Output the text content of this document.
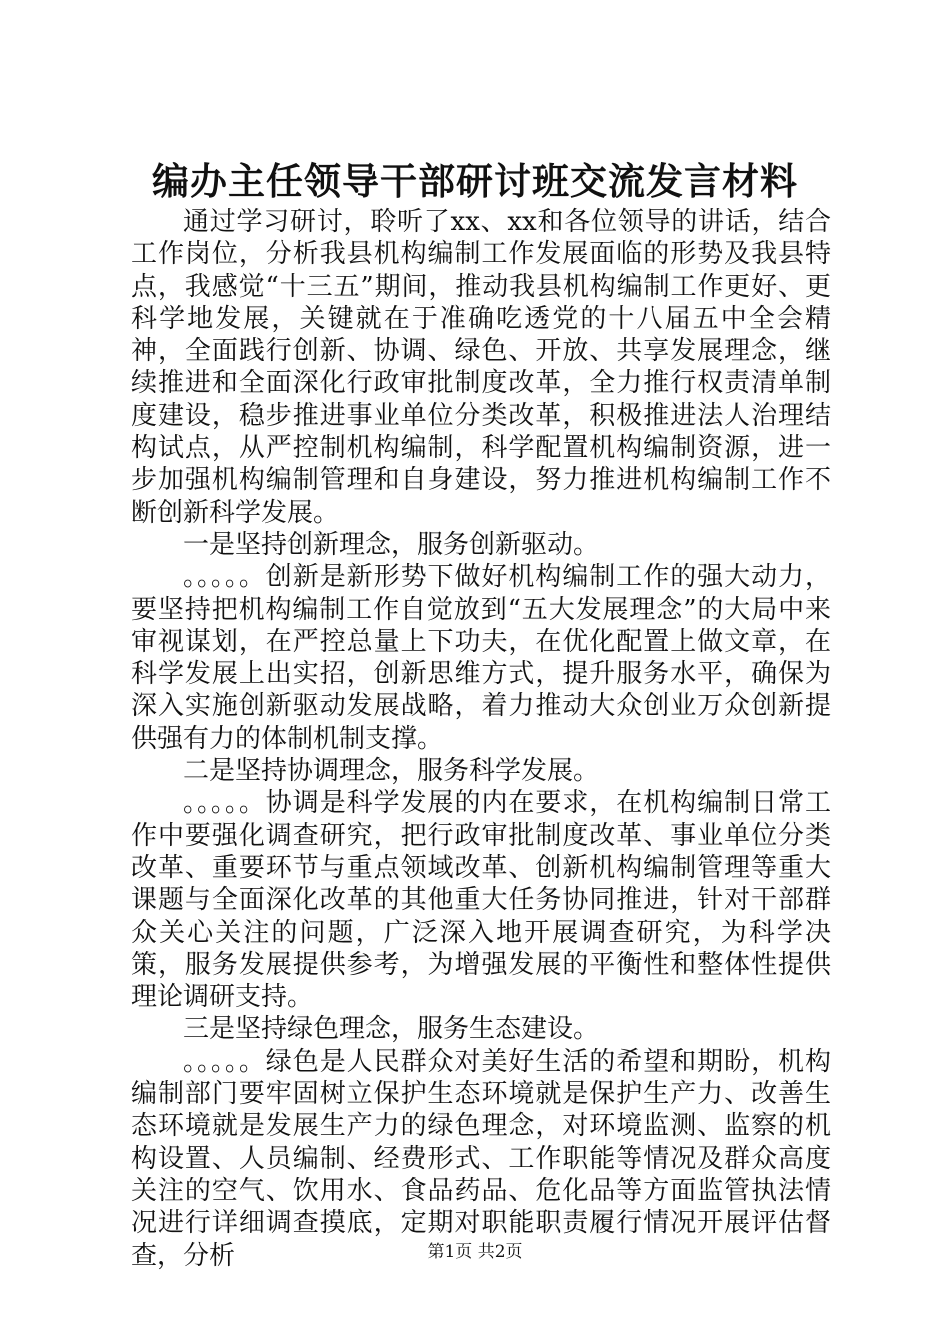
编办主任领导干部研讨班交流发言材料

通过学习研讨，聆听了xx、xx和各位领导的讲话，结合工作岗位，分析我县机构编制工作发展面临的形势及我县特点，我感觉“十三五”期间，推动我县机构编制工作更好、更科学地发展，关键就在于准确吃透党的十八届五中全会精神，全面践行创新、协调、绿色、开放、共享发展理念，继续推进和全面深化行政审批制度改革，全力推行权责清单制度建设，稳步推进事业单位分类改革，积极推进法人治理结构试点，从严控制机构编制，科学配置机构编制资源，进一步加强机构编制管理和自身建设，努力推进机构编制工作不断创新科学发展。

一是坚持创新理念，服务创新驱动。

。。。。。创新是新形势下做好机构编制工作的强大动力，要坚持把机构编制工作自觉放到“五大发展理念”的大局中来审视谋划，在严控总量上下功夫，在优化配置上做文章，在科学发展上出实招，创新思维方式，提升服务水平，确保为深入实施创新驱动发展战略，着力推动大众创业万众创新提供强有力的体制机制支撑。

二是坚持协调理念，服务科学发展。

。。。。。协调是科学发展的内在要求，在机构编制日常工作中要强化调查研究，把行政审批制度改革、事业单位分类改革、重要环节与重点领域改革、创新机构编制管理等重大课题与全面深化改革的其他重大任务协同推进，针对干部群众关心关注的问题，广泛深入地开展调查研究，为科学决策，服务发展提供参考，为增强发展的平衡性和整体性提供理论调研支持。

三是坚持绿色理念，服务生态建设。

。。。。。绿色是人民群众对美好生活的希望和期盼，机构编制部门要牢固树立保护生态环境就是保护生产力、改善生态环境就是发展生产力的绿色理念，对环境监测、监察的机构设置、人员编制、经费形式、工作职能等情况及群众高度关注的空气、饮用水、食品药品、危化品等方面监管执法情况进行详细调查摸底，定期对职能职责履行情况开展评估督查，分析	第1页 共2页
